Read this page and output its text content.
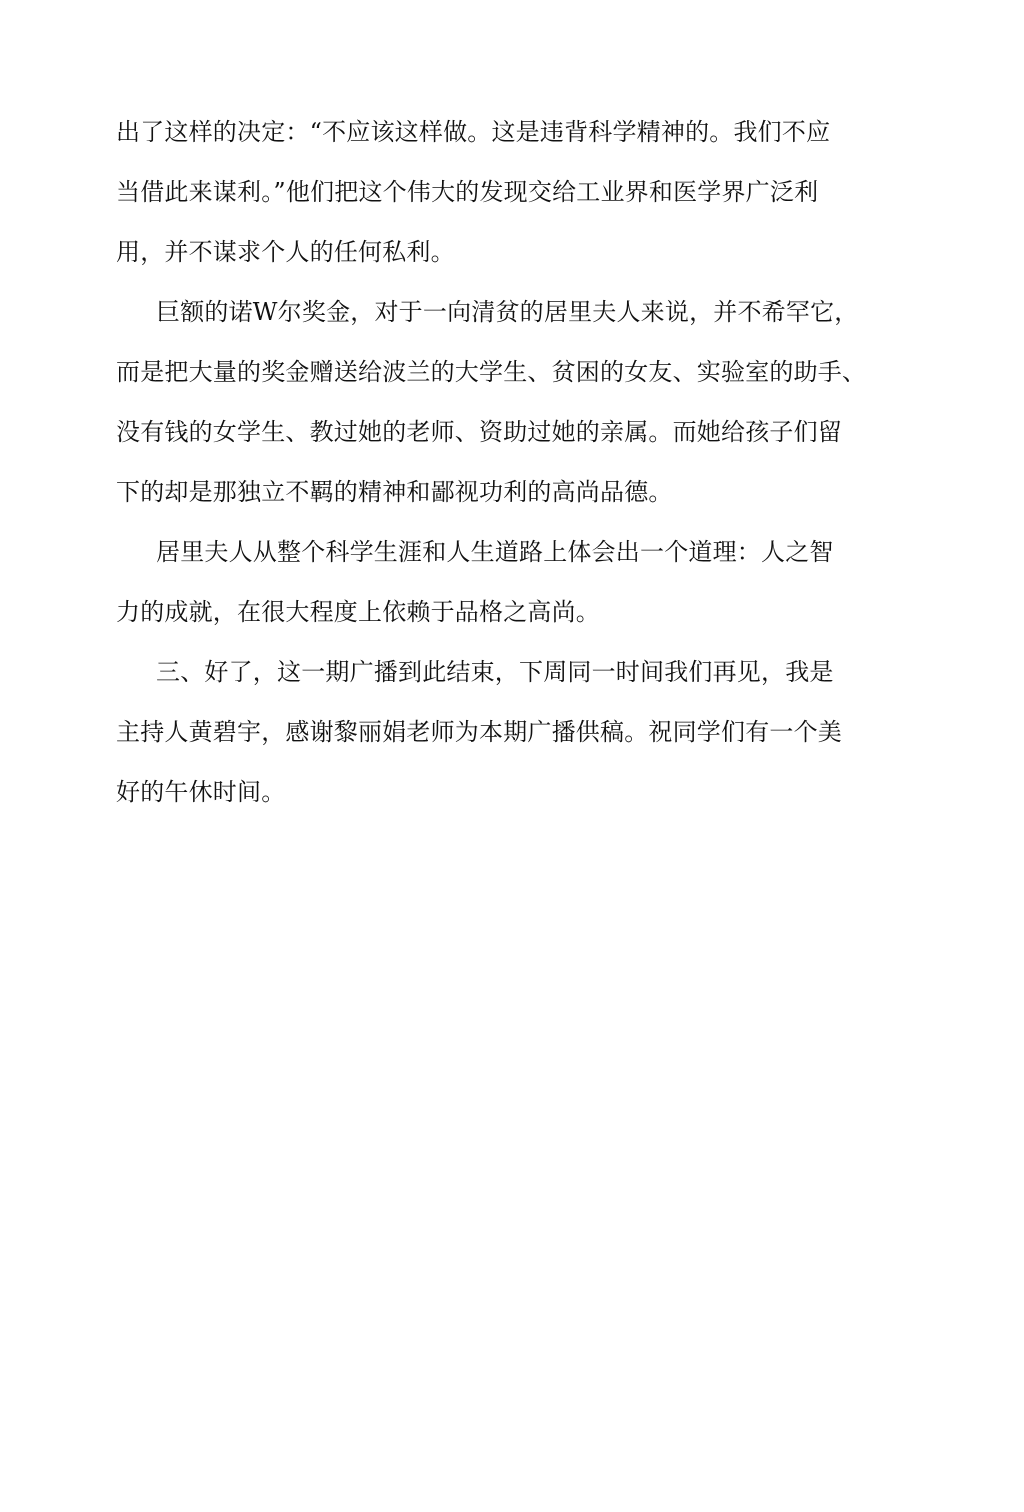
出了这样的决定：“不应该这样做。这是违背科学精神的。我们不应
当借此来谋利。”他们把这个伟大的发现交给工业界和医学界广泛利
用，并不谋求个人的任何私利。
巨额的诺W尔奖金，对于一向清贫的居里夫人来说，并不希罕它，
而是把大量的奖金赠送给波兰的大学生、贫困的女友、实验室的助手、
没有钱的女学生、教过她的老师、资助过她的亲属。而她给孩子们留
下的却是那独立不羁的精神和鄙视功利的高尚品德。
居里夫人从整个科学生涯和人生道路上体会出一个道理：人之智
力的成就，在很大程度上依赖于品格之高尚。
三、好了，这一期广播到此结束，下周同一时间我们再见，我是
主持人黄碧宇，感谢黎丽娟老师为本期广播供稿。祝同学们有一个美
好的午休时间。
